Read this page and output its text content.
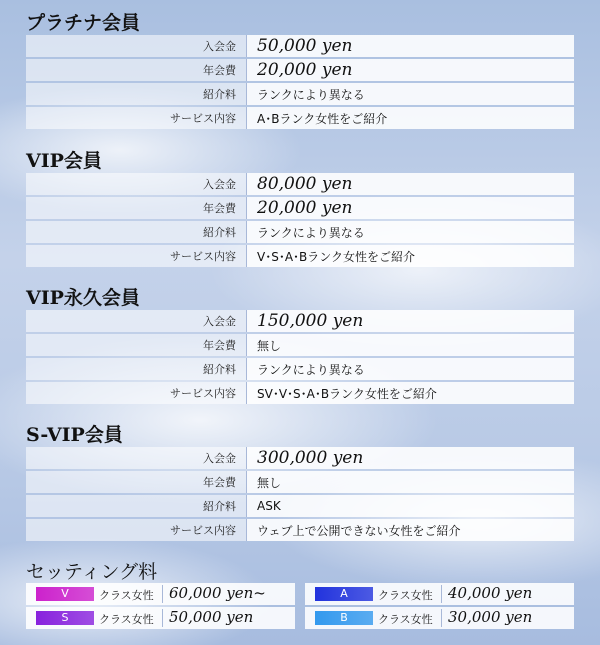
プラチナ会員
入会金	50,000 yen
年会費	20,000 yen
紹介料	ランクにより異なる
サービス内容	A･Bランク女性をご紹介
VIP会員
入会金	80,000 yen
年会費	20,000 yen
紹介料	ランクにより異なる
サービス内容	V･S･A･Bランク女性をご紹介
VIP永久会員
入会金	150,000 yen
年会費	無し
紹介料	ランクにより異なる
サービス内容	SV･V･S･A･Bランク女性をご紹介
S-VIP会員
入会金	300,000 yen
年会費	無し
紹介料	ASK
サービス内容	ウェブ上で公開できない女性をご紹介
セッティング料
V	クラス女性 60,000 yen~	A	クラス女性 40,000 yen
S	クラス女性 50,000 yen	B	クラス女性 30,000 yen
